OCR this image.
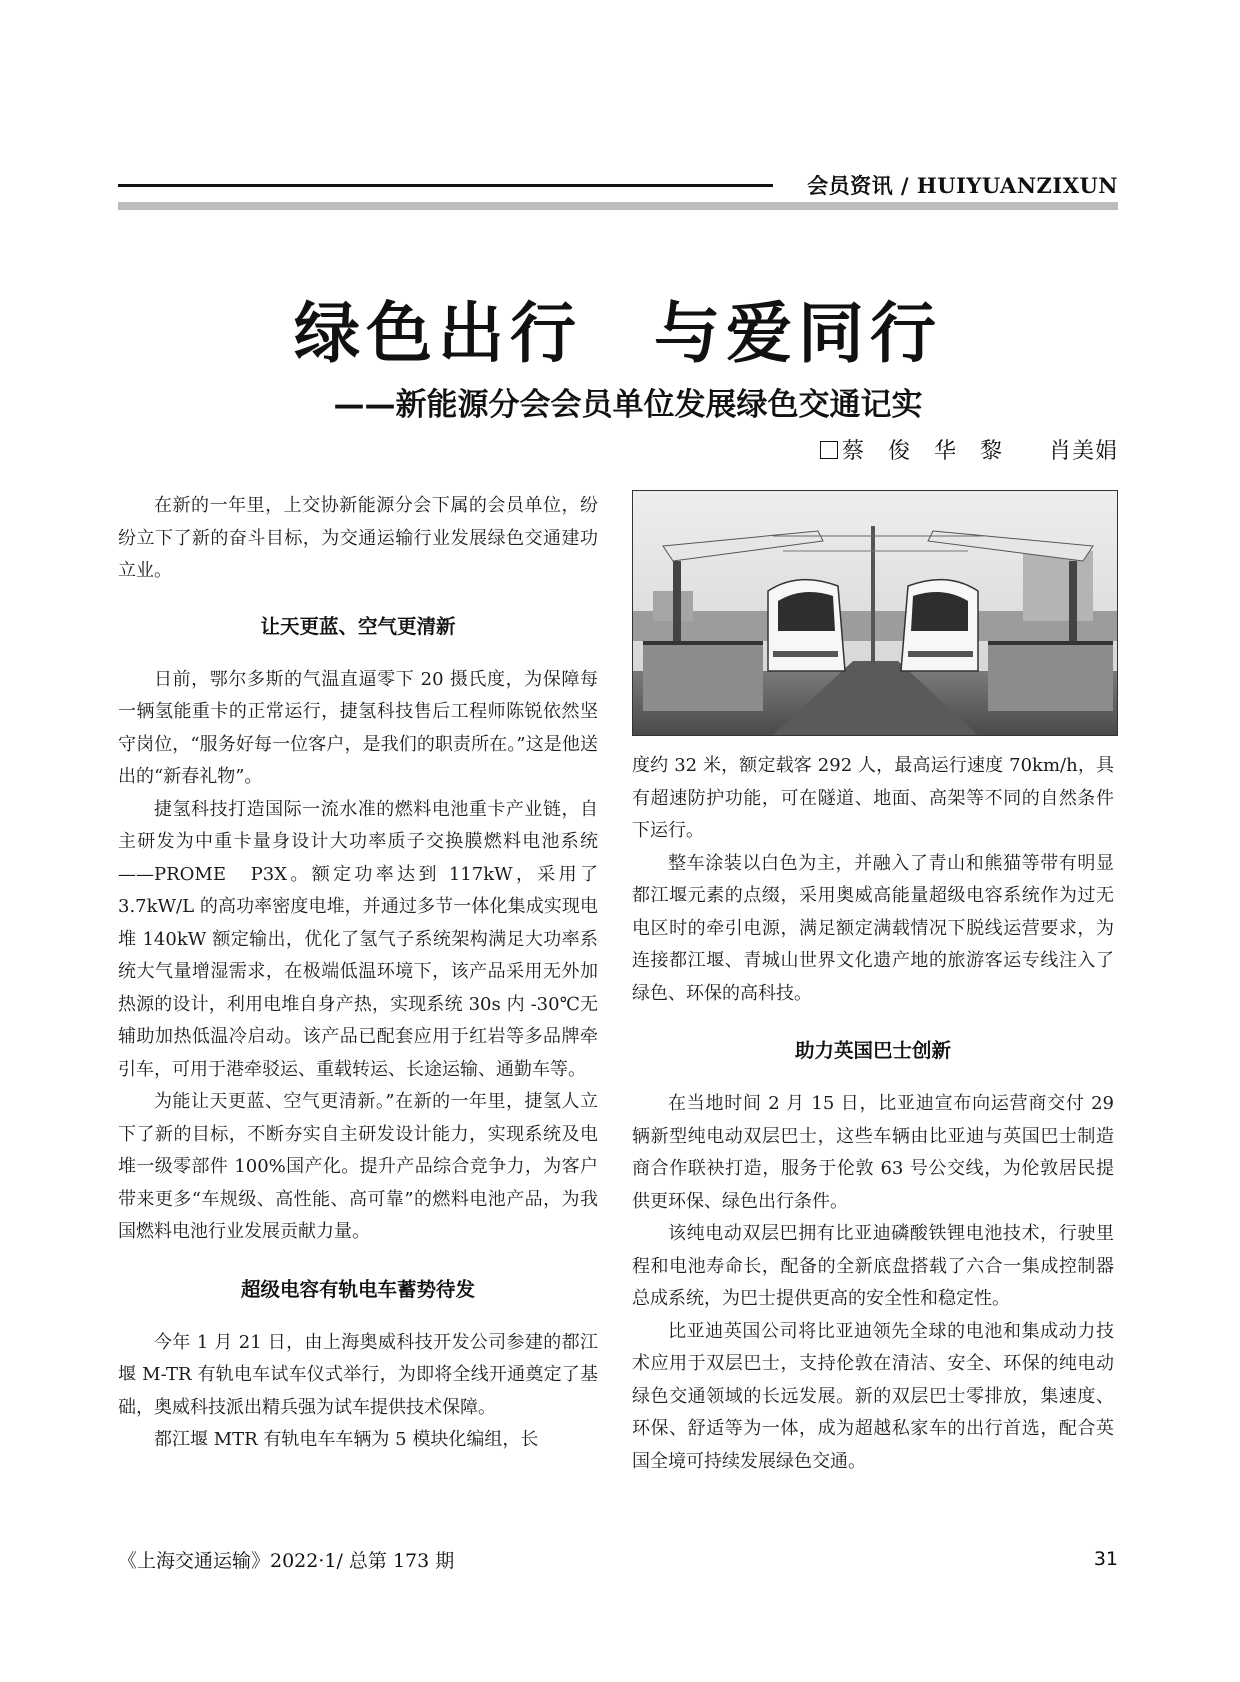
会员资讯 / HUIYUANZIXUN
绿色出行　与爱同行
——新能源分会会员单位发展绿色交通记实
蔡　俊　华　黎　　肖美娟

在新的一年里，上交协新能源分会下属的会员单位，纷纷立下了新的奋斗目标，为交通运输行业发展绿色交通建功立业。

让天更蓝、空气更清新

日前，鄂尔多斯的气温直逼零下 20 摄氏度，为保障每一辆氢能重卡的正常运行，捷氢科技售后工程师陈锐依然坚守岗位，“服务好每一位客户，是我们的职责所在。”这是他送出的“新春礼物”。

捷氢科技打造国际一流水准的燃料电池重卡产业链，自主研发为中重卡量身设计大功率质子交换膜燃料电池系统——PROME　P3X。额定功率达到 117kW，采用了 3.7kW/L 的高功率密度电堆，并通过多节一体化集成实现电堆 140kW 额定输出，优化了氢气子系统架构满足大功率系统大气量增湿需求，在极端低温环境下，该产品采用无外加热源的设计，利用电堆自身产热，实现系统 30s 内 -30℃无辅助加热低温冷启动。该产品已配套应用于红岩等多品牌牵引车，可用于港牵驳运、重载转运、长途运输、通勤车等。

为能让天更蓝、空气更清新。”在新的一年里，捷氢人立下了新的目标，不断夯实自主研发设计能力，实现系统及电堆一级零部件 100%国产化。提升产品综合竞争力，为客户带来更多“车规级、高性能、高可靠”的燃料电池产品，为我国燃料电池行业发展贡献力量。

超级电容有轨电车蓄势待发

今年 1 月 21 日，由上海奥威科技开发公司参建的都江堰 M-TR 有轨电车试车仪式举行，为即将全线开通奠定了基础，奥威科技派出精兵强为试车提供技术保障。

都江堰 MTR 有轨电车车辆为 5 模块化编组，长

度约 32 米，额定载客 292 人，最高运行速度 70km/h，具有超速防护功能，可在隧道、地面、高架等不同的自然条件下运行。

整车涂装以白色为主，并融入了青山和熊猫等带有明显都江堰元素的点缀，采用奥威高能量超级电容系统作为过无电区时的牵引电源，满足额定满载情况下脱线运营要求，为连接都江堰、青城山世界文化遗产地的旅游客运专线注入了绿色、环保的高科技。

助力英国巴士创新

在当地时间 2 月 15 日，比亚迪宣布向运营商交付 29 辆新型纯电动双层巴士，这些车辆由比亚迪与英国巴士制造商合作联袂打造，服务于伦敦 63 号公交线，为伦敦居民提供更环保、绿色出行条件。

该纯电动双层巴拥有比亚迪磷酸铁锂电池技术，行驶里程和电池寿命长，配备的全新底盘搭载了六合一集成控制器总成系统，为巴士提供更高的安全性和稳定性。

比亚迪英国公司将比亚迪领先全球的电池和集成动力技术应用于双层巴士，支持伦敦在清洁、安全、环保的纯电动绿色交通领域的长远发展。新的双层巴士零排放，集速度、环保、舒适等为一体，成为超越私家车的出行首选，配合英国全境可持续发展绿色交通。

《上海交通运输》2022·1/ 总第 173 期	31
